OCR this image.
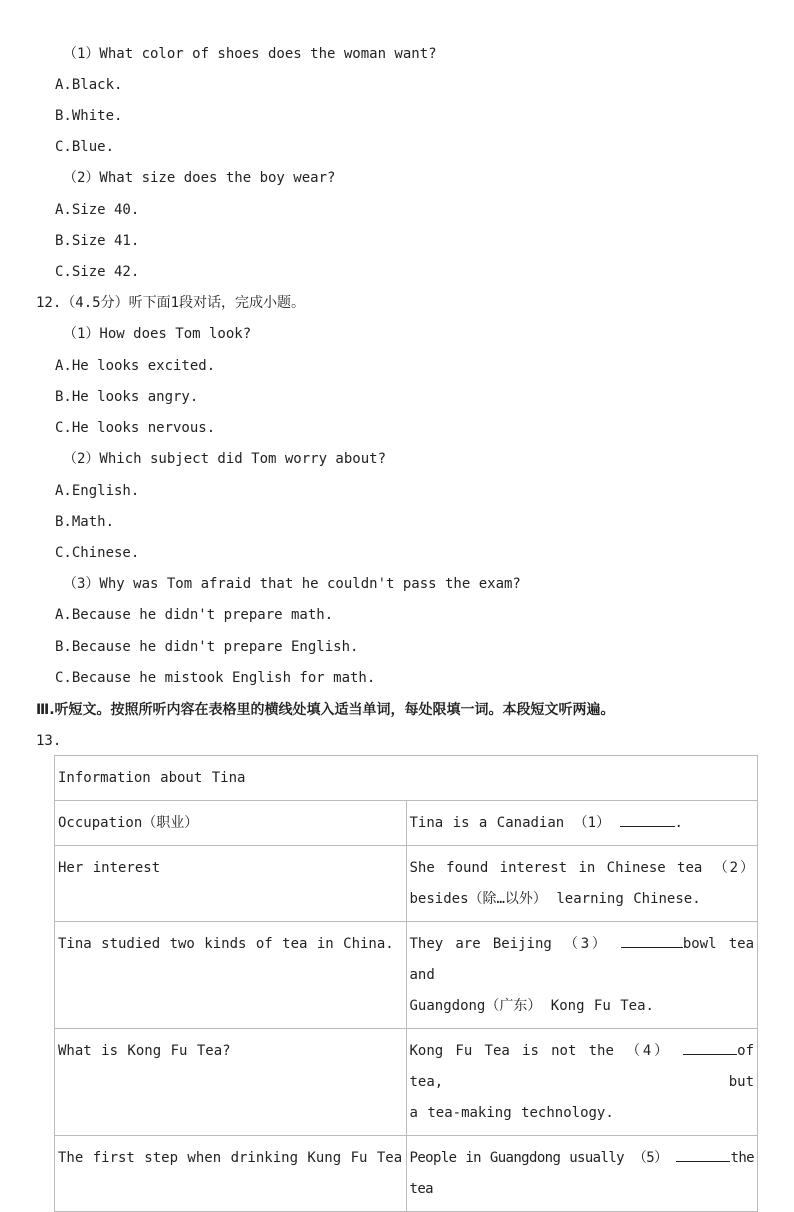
（1）What color of shoes does the woman want?
A.Black.
B.White.
C.Blue.
（2）What size does the boy wear?
A.Size 40.
B.Size 41.
C.Size 42.
12.（4.5分）听下面1段对话，完成小题。
（1）How does Tom look?
A.He looks excited.
B.He looks angry.
C.He looks nervous.
（2）Which subject did Tom worry about?
A.English.
B.Math.
C.Chinese.
（3）Why was Tom afraid that he couldn't pass the exam?
A.Because he didn't prepare math.
B.Because he didn't prepare English.
C.Because he mistook English for math.
Ⅲ.听短文。按照所听内容在表格里的横线处填入适当单词，每处限填一词。本段短文听两遍。
13.
Information about Tina	
Occupation（职业）	Tina is a Canadian （1） .
Her interest	She found interest in Chinese tea （2）

besides（除…以外） learning Chinese.

Tina studied two kinds of tea in China.	They are Beijing （3） bowl tea and

Guangdong（广东） Kong Fu Tea.

What is Kong Fu Tea?	Kong Fu Tea is not the （4） of tea, but

a tea-making technology.

The first step when drinking Kung Fu Tea	People in Guangdong usually （5） the tea
